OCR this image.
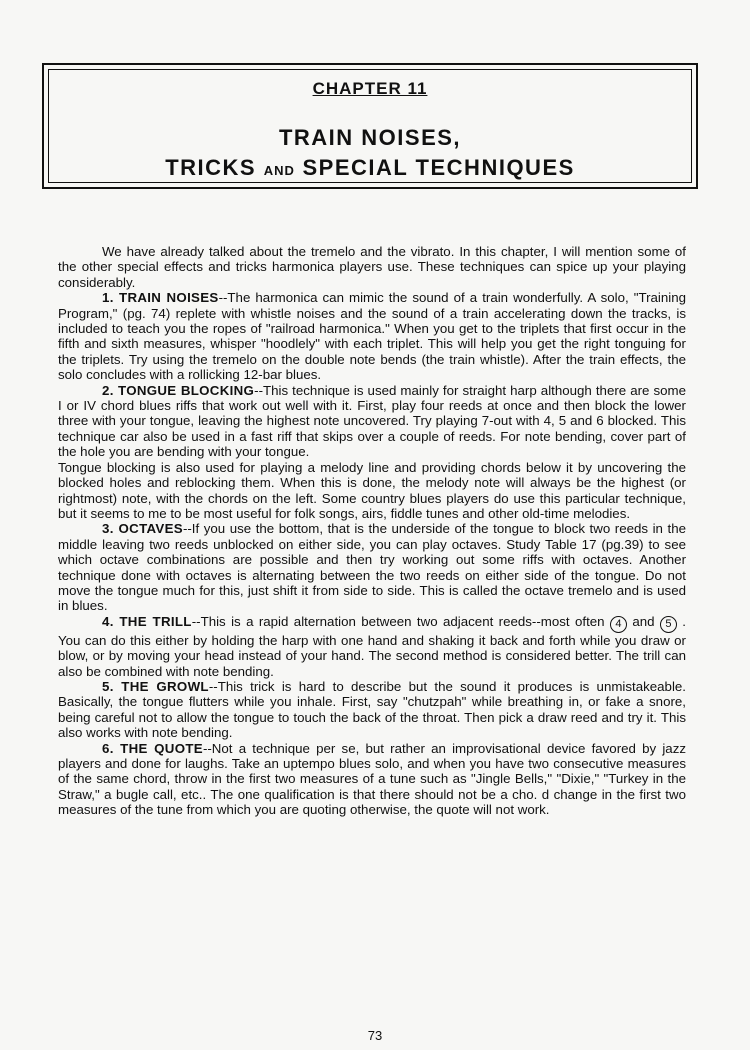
CHAPTER 11
TRAIN NOISES,
TRICKS AND SPECIAL TECHNIQUES

We have already talked about the tremelo and the vibrato. In this chapter, I will mention some of the other special effects and tricks harmonica players use. These techniques can spice up your playing considerably.

1. TRAIN NOISES--The harmonica can mimic the sound of a train wonderfully. A solo, "Training Program," (pg. 74) replete with whistle noises and the sound of a train accelerating down the tracks, is included to teach you the ropes of "railroad harmonica." When you get to the triplets that first occur in the fifth and sixth measures, whisper "hoodlely" with each triplet. This will help you get the right tonguing for the triplets. Try using the tremelo on the double note bends (the train whistle). After the train effects, the solo concludes with a rollicking 12-bar blues.

2. TONGUE BLOCKING--This technique is used mainly for straight harp although there are some I or IV chord blues riffs that work out well with it. First, play four reeds at once and then block the lower three with your tongue, leaving the highest note uncovered. Try playing 7-out with 4, 5 and 6 blocked. This technique car also be used in a fast riff that skips over a couple of reeds. For note bending, cover part of the hole you are bending with your tongue.

Tongue blocking is also used for playing a melody line and providing chords below it by uncovering the blocked holes and reblocking them. When this is done, the melody note will always be the highest (or rightmost) note, with the chords on the left. Some country blues players do use this particular technique, but it seems to me to be most useful for folk songs, airs, fiddle tunes and other old-time melodies.

3. OCTAVES--If you use the bottom, that is the underside of the tongue to block two reeds in the middle leaving two reeds unblocked on either side, you can play octaves. Study Table 17 (pg.39) to see which octave combinations are possible and then try working out some riffs with octaves. Another technique done with octaves is alternating between the two reeds on either side of the tongue. Do not move the tongue much for this, just shift it from side to side. This is called the octave tremelo and is used in blues.

4. THE TRILL--This is a rapid alternation between two adjacent reeds--most often 4 and 5 . You can do this either by holding the harp with one hand and shaking it back and forth while you draw or blow, or by moving your head instead of your hand. The second method is considered better. The trill can also be combined with note bending.

5. THE GROWL--This trick is hard to describe but the sound it produces is unmistakeable. Basically, the tongue flutters while you inhale. First, say "chutzpah" while breathing in, or fake a snore, being careful not to allow the tongue to touch the back of the throat. Then pick a draw reed and try it. This also works with note bending.

6. THE QUOTE--Not a technique per se, but rather an improvisational device favored by jazz players and done for laughs. Take an uptempo blues solo, and when you have two consecutive measures of the same chord, throw in the first two measures of a tune such as "Jingle Bells," "Dixie," "Turkey in the Straw," a bugle call, etc.. The one qualification is that there should not be a cho. d change in the first two measures of the tune from which you are quoting otherwise, the quote will not work.

73
